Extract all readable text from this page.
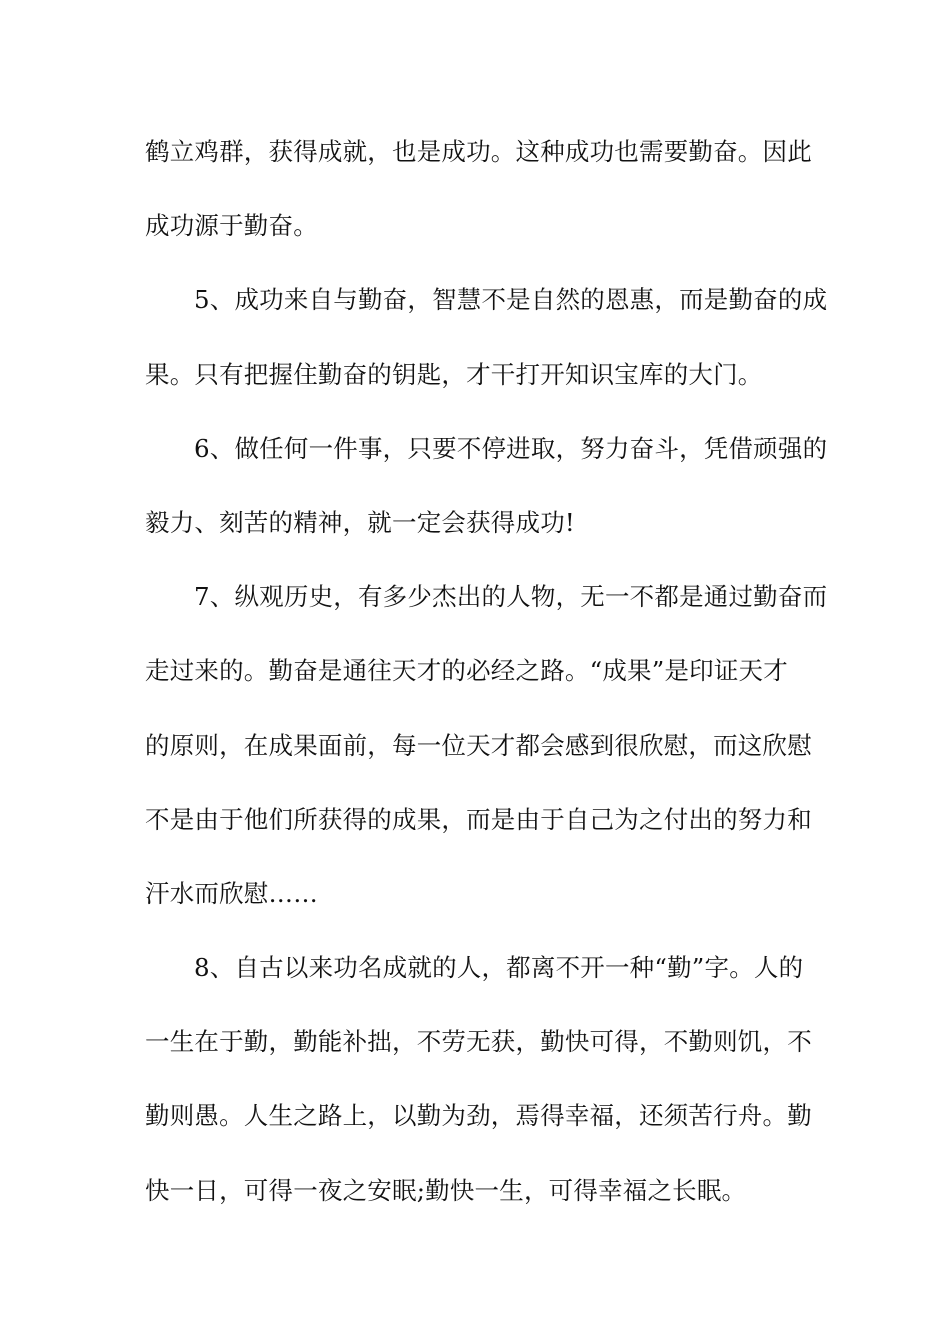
鹤立鸡群，获得成就，也是成功。这种成功也需要勤奋。因此
成功源于勤奋。
5、成功来自与勤奋，智慧不是自然的恩惠，而是勤奋的成
果。只有把握住勤奋的钥匙，才干打开知识宝库的大门。
6、做任何一件事，只要不停进取，努力奋斗，凭借顽强的
毅力、刻苦的精神，就一定会获得成功!
7、纵观历史，有多少杰出的人物，无一不都是通过勤奋而
走过来的。勤奋是通往天才的必经之路。“成果”是印证天才
的原则，在成果面前，每一位天才都会感到很欣慰，而这欣慰
不是由于他们所获得的成果，而是由于自己为之付出的努力和
汗水而欣慰……
8、自古以来功名成就的人，都离不开一种“勤”字。人的
一生在于勤，勤能补拙，不劳无获，勤快可得，不勤则饥，不
勤则愚。人生之路上，以勤为劲，焉得幸福，还须苦行舟。勤
快一日，可得一夜之安眠;勤快一生，可得幸福之长眠。
